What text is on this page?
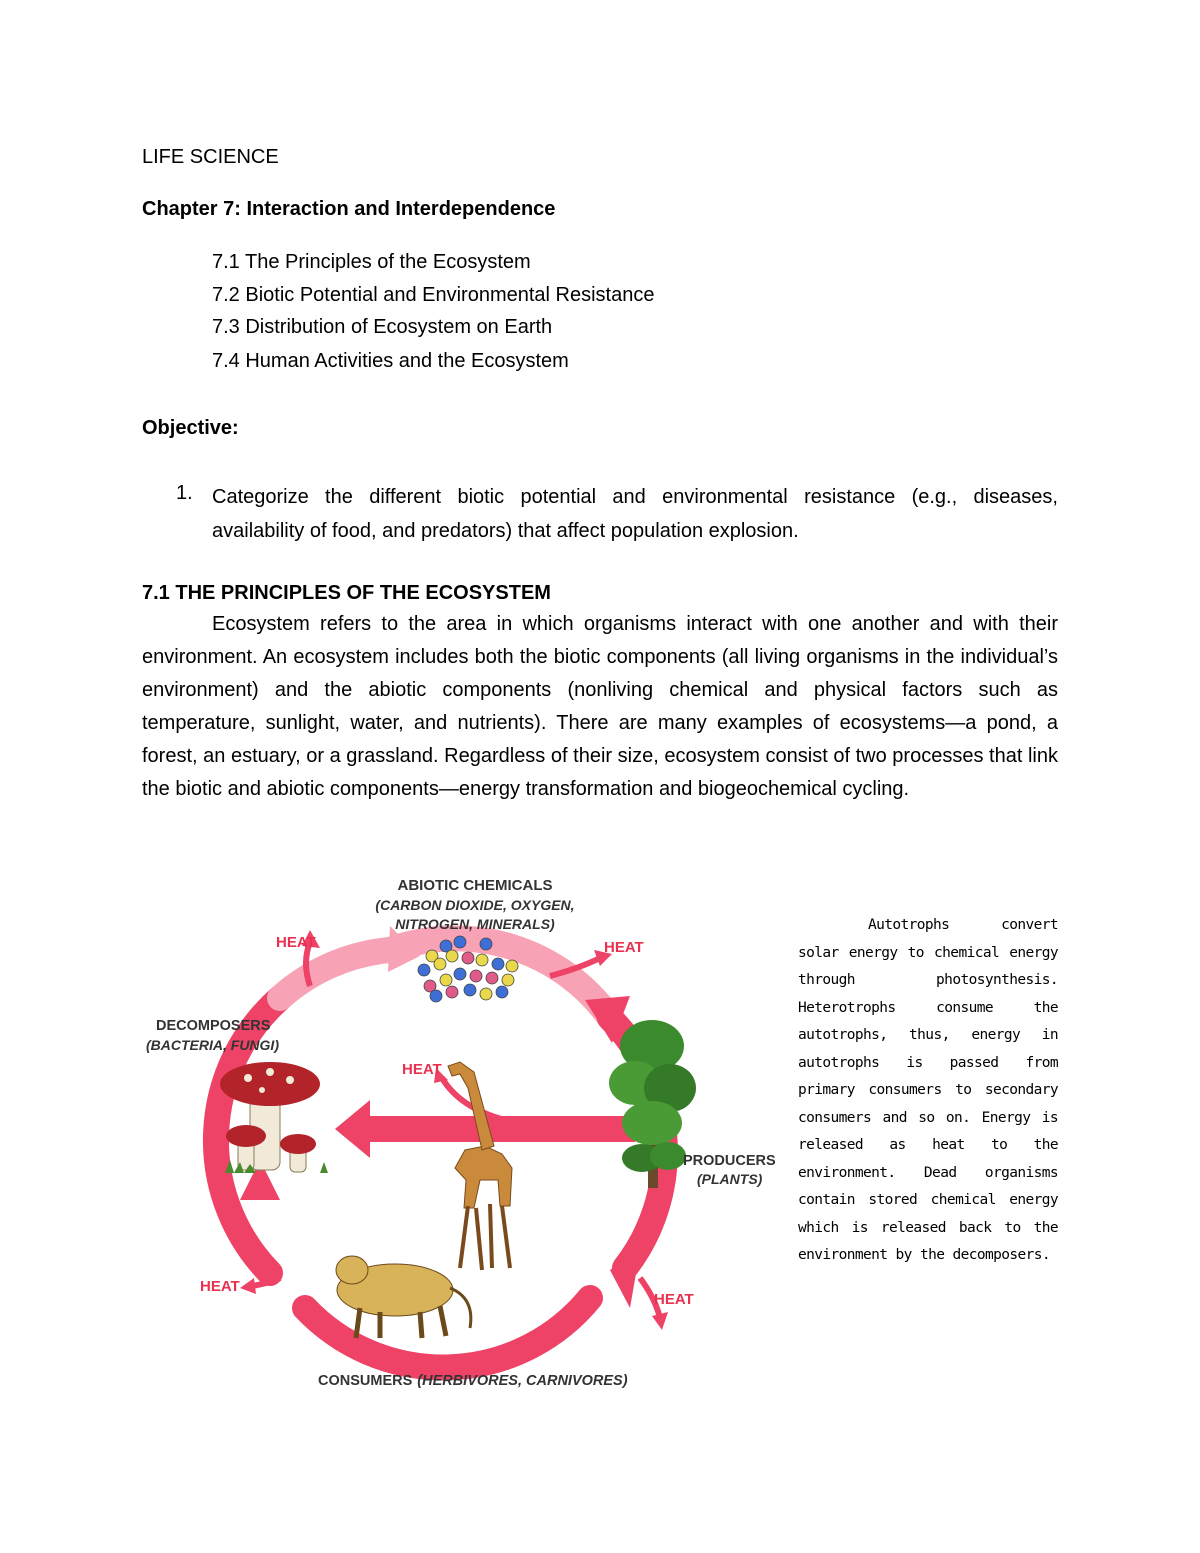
LIFE SCIENCE
Chapter 7: Interaction and Interdependence
7.1 The Principles of the Ecosystem
7.2 Biotic Potential and Environmental Resistance
7.3 Distribution of Ecosystem on Earth
7.4 Human Activities and the Ecosystem
Objective:
1. Categorize the different biotic potential and environmental resistance (e.g., diseases, availability of food, and predators) that affect population explosion.
7.1 THE PRINCIPLES OF THE ECOSYSTEM
Ecosystem refers to the area in which organisms interact with one another and with their environment. An ecosystem includes both the biotic components (all living organisms in the individual’s environment) and the abiotic components (nonliving chemical and physical factors such as temperature, sunlight, water, and nutrients). There are many examples of ecosystems—a pond, a forest, an estuary, or a grassland. Regardless of their size, ecosystem consist of two processes that link the biotic and abiotic components—energy transformation and biogeochemical cycling.
ABIOTIC CHEMICALS
(CARBON DIOXIDE, OXYGEN,
NITROGEN, MINERALS)
HEAT	HEAT
HEAT
HEAT
HEAT
DECOMPOSERS
(BACTERIA, FUNGI)
PRODUCERS
(PLANTS)
CONSUMERS (HERBIVORES, CARNIVORES)
Autotrophs convert solar energy to chemical energy through photosynthesis. Heterotrophs consume the autotrophs, thus, energy in autotrophs is passed from primary consumers to secondary consumers and so on. Energy is released as heat to the environment. Dead organisms contain stored chemical energy which is released back to the environment by the decomposers.
